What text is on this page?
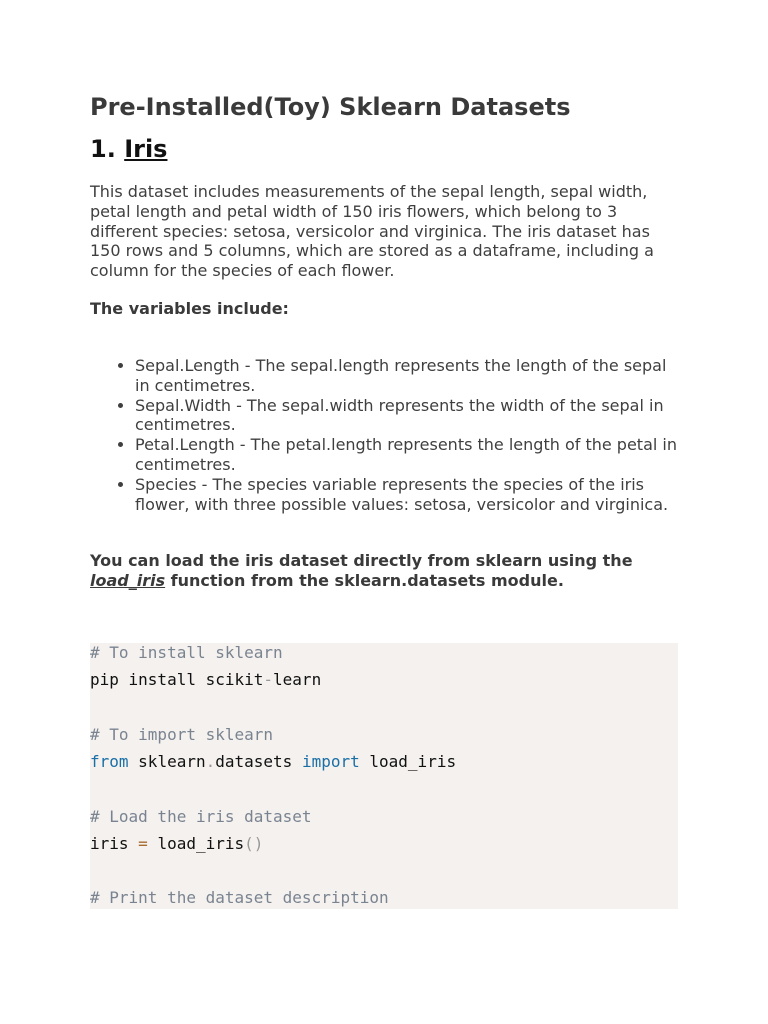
Pre-Installed(Toy) Sklearn Datasets
1. Iris

This dataset includes measurements of the sepal length, sepal width, petal length and petal width of 150 iris flowers, which belong to 3 different species: setosa, versicolor and virginica. The iris dataset has 150 rows and 5 columns, which are stored as a dataframe, including a column for the species of each flower.

The variables include:

• Sepal.Length - The sepal.length represents the length of the sepal in centimetres.
• Sepal.Width - The sepal.width represents the width of the sepal in centimetres.
• Petal.Length - The petal.length represents the length of the petal in centimetres.
• Species - The species variable represents the species of the iris flower, with three possible values: setosa, versicolor and virginica.

You can load the iris dataset directly from sklearn using the load_iris function from the sklearn.datasets module.

# To install sklearn
pip install scikit-learn
# To import sklearn
from sklearn.datasets import load_iris
# Load the iris dataset
iris = load_iris()
# Print the dataset description
